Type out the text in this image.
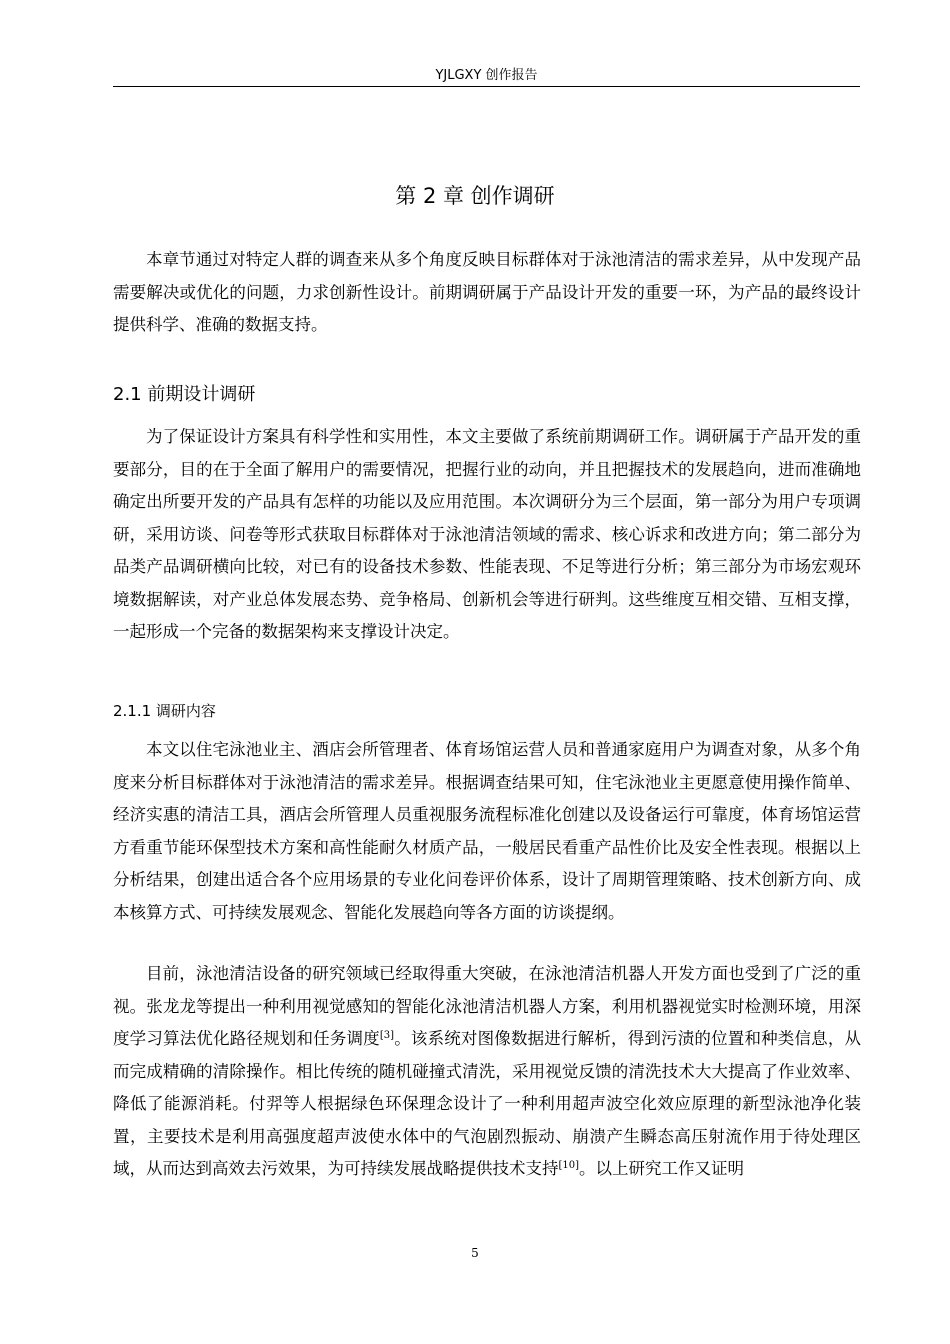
YJLGXY 创作报告
第 2 章 创作调研

本章节通过对特定人群的调查来从多个角度反映目标群体对于泳池清洁的需求差异，从中发现产品需要解决或优化的问题，力求创新性设计。前期调研属于产品设计开发的重要一环，为产品的最终设计提供科学、准确的数据支持。

2.1 前期设计调研

为了保证设计方案具有科学性和实用性，本文主要做了系统前期调研工作。调研属于产品开发的重要部分，目的在于全面了解用户的需要情况，把握行业的动向，并且把握技术的发展趋向，进而准确地确定出所要开发的产品具有怎样的功能以及应用范围。本次调研分为三个层面，第一部分为用户专项调研，采用访谈、问卷等形式获取目标群体对于泳池清洁领域的需求、核心诉求和改进方向；第二部分为品类产品调研横向比较，对已有的设备技术参数、性能表现、不足等进行分析；第三部分为市场宏观环境数据解读，对产业总体发展态势、竞争格局、创新机会等进行研判。这些维度互相交错、互相支撑，一起形成一个完备的数据架构来支撑设计决定。

2.1.1 调研内容

本文以住宅泳池业主、酒店会所管理者、体育场馆运营人员和普通家庭用户为调查对象，从多个角度来分析目标群体对于泳池清洁的需求差异。根据调查结果可知，住宅泳池业主更愿意使用操作简单、经济实惠的清洁工具，酒店会所管理人员重视服务流程标准化创建以及设备运行可靠度，体育场馆运营方看重节能环保型技术方案和高性能耐久材质产品，一般居民看重产品性价比及安全性表现。根据以上分析结果，创建出适合各个应用场景的专业化问卷评价体系，设计了周期管理策略、技术创新方向、成本核算方式、可持续发展观念、智能化发展趋向等各方面的访谈提纲。

目前，泳池清洁设备的研究领域已经取得重大突破，在泳池清洁机器人开发方面也受到了广泛的重视。张龙龙等提出一种利用视觉感知的智能化泳池清洁机器人方案，利用机器视觉实时检测环境，用深度学习算法优化路径规划和任务调度[3]。该系统对图像数据进行解析，得到污渍的位置和种类信息，从而完成精确的清除操作。相比传统的随机碰撞式清洗，采用视觉反馈的清洗技术大大提高了作业效率、降低了能源消耗。付羿等人根据绿色环保理念设计了一种利用超声波空化效应原理的新型泳池净化装置，主要技术是利用高强度超声波使水体中的气泡剧烈振动、崩溃产生瞬态高压射流作用于待处理区域，从而达到高效去污效果，为可持续发展战略提供技术支持[10]。以上研究工作又证明

5
